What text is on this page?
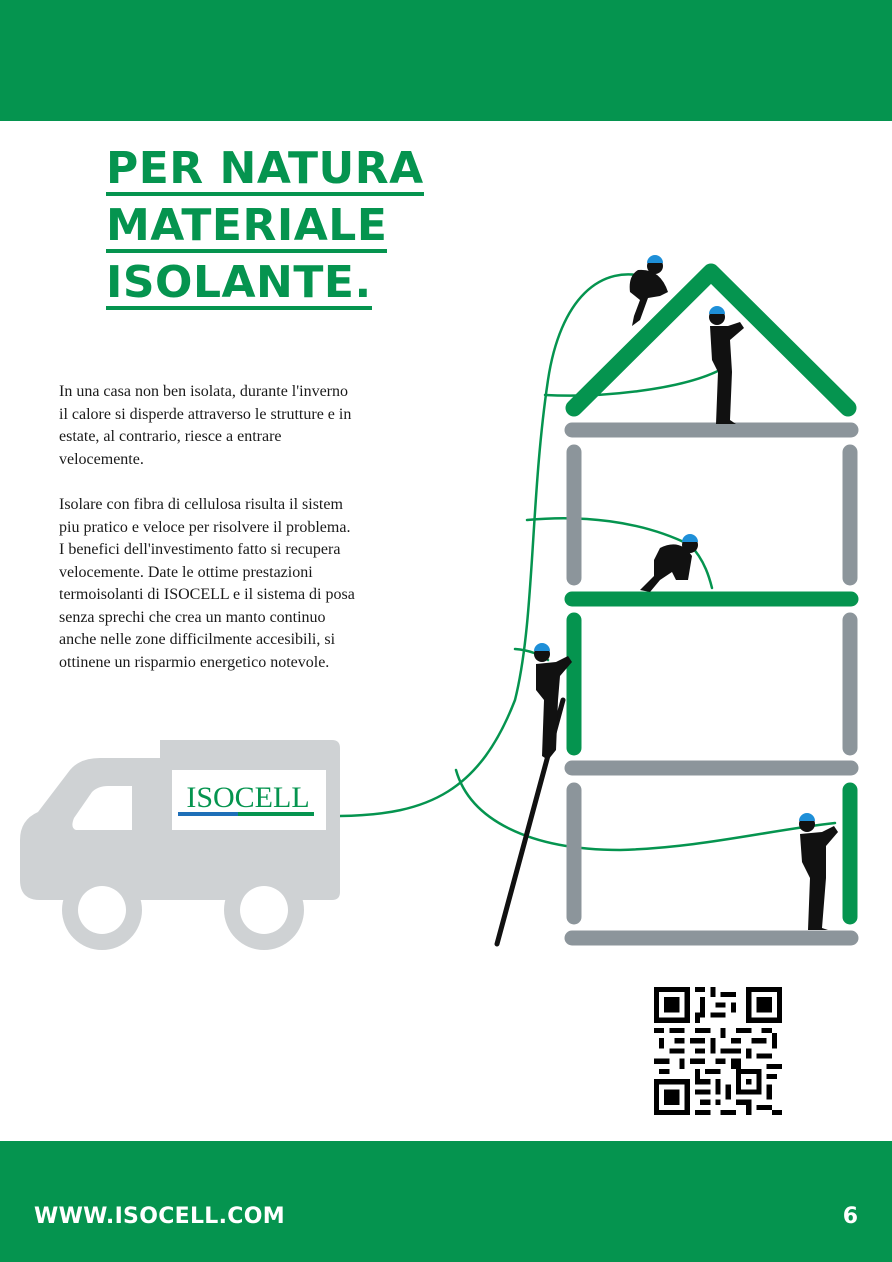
PER NATURA
MATERIALE
ISOLANTE.

In una casa non ben isolata, durante l'inverno il calore si disperde attraverso le strutture e in estate, al contrario, riesce a entrare velocemente.

Isolare con fibra di cellulosa risulta il sistem piu pratico e veloce per risolvere il problema. I benefici dell'investimento fatto si recupera velocemente. Date le ottime prestazioni termoisolanti di ISOCELL e il sistema di posa senza sprechi che crea un manto continuo anche nelle zone difficilmente accesibili, si ottinene un risparmio energetico notevole.

ISOCELL

WWW.ISOCELL.COM	6
